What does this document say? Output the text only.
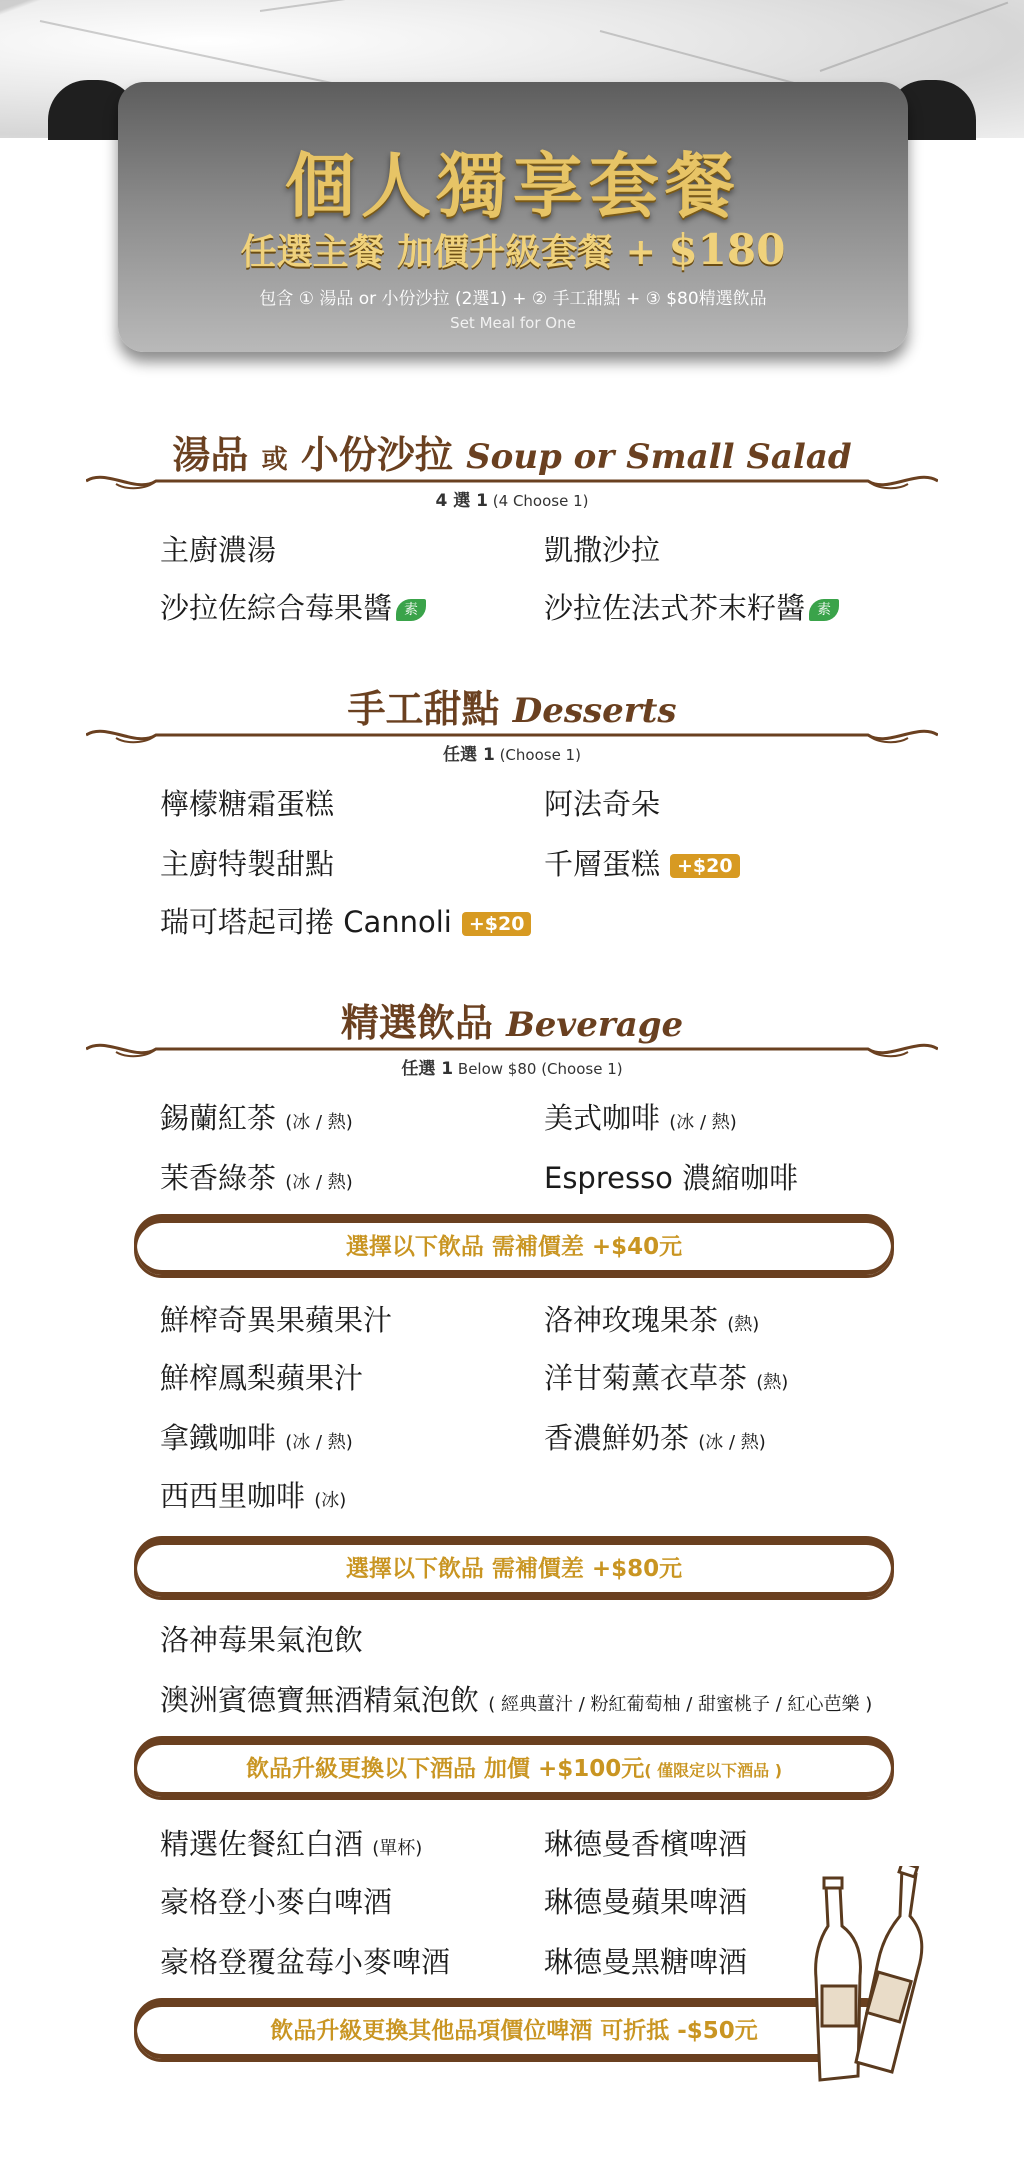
個人獨享套餐
任選主餐 加價升級套餐 + $180
包含 ① 湯品 or 小份沙拉 (2選1) + ② 手工甜點 + ③ $80精選飲品
Set Meal for One
湯品 或 小份沙拉 Soup or Small Salad
4 選 1 (4 Choose 1)
主廚濃湯	凱撒沙拉
沙拉佐綜合莓果醬 素	沙拉佐法式芥末籽醬 素
手工甜點 Desserts
任選 1 (Choose 1)
檸檬糖霜蛋糕	阿法奇朵
主廚特製甜點	千層蛋糕 +$20
瑞可塔起司捲 Cannoli +$20
精選飲品 Beverage
任選 1 Below $80 (Choose 1)
錫蘭紅茶 (冰 / 熱)	美式咖啡 (冰 / 熱)
茉香綠茶 (冰 / 熱)	Espresso 濃縮咖啡
選擇以下飲品 需補價差 +$40元
鮮榨奇異果蘋果汁	洛神玫瑰果茶 (熱)
鮮榨鳳梨蘋果汁	洋甘菊薰衣草茶 (熱)
拿鐵咖啡 (冰 / 熱)	香濃鮮奶茶 (冰 / 熱)
西西里咖啡 (冰)
選擇以下飲品 需補價差 +$80元
洛神莓果氣泡飲
澳洲賓德寶無酒精氣泡飲 ( 經典薑汁 / 粉紅葡萄柚 / 甜蜜桃子 / 紅心芭樂 )
飲品升級更換以下酒品 加價 +$100元( 僅限定以下酒品 )
精選佐餐紅白酒 (單杯)	琳德曼香檳啤酒
豪格登小麥白啤酒	琳德曼蘋果啤酒
豪格登覆盆莓小麥啤酒	琳德曼黑糖啤酒
飲品升級更換其他品項價位啤酒 可折抵 -$50元
